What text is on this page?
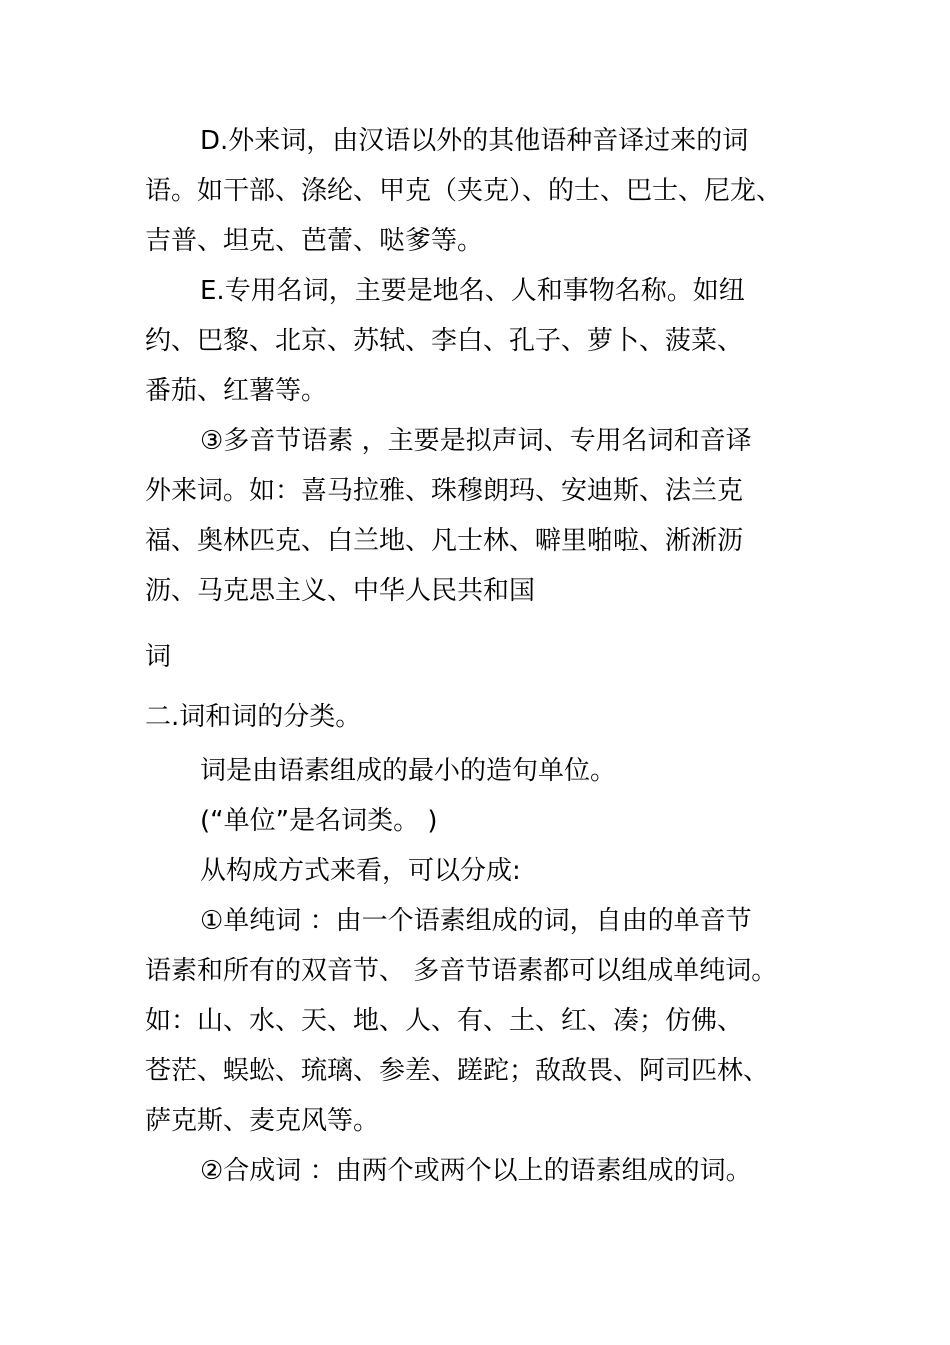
D.外来词，由汉语以外的其他语种音译过来的词
语。如干部、涤纶、甲克（夹克）、的士、巴士、尼龙、
吉普、坦克、芭蕾、哒爹等。
E.专用名词，主要是地名、人和事物名称。如纽
约、巴黎、北京、苏轼、李白、孔子、萝卜、菠菜、
番茄、红薯等。
③多音节语素 ，主要是拟声词、专用名词和音译
外来词。如：喜马拉雅、珠穆朗玛、安迪斯、法兰克
福、奥林匹克、白兰地、凡士林、噼里啪啦、淅淅沥
沥、马克思主义、中华人民共和国
词
二.词和词的分类。
词是由语素组成的最小的造句单位。
(“单位”是名词类。 )
从构成方式来看，可以分成:
①单纯词 ：由一个语素组成的词，自由的单音节
语素和所有的双音节、 多音节语素都可以组成单纯词。
如：山、水、天、地、人、有、土、红、凑；仿佛、
苍茫、蜈蚣、琉璃、参差、蹉跎；敌敌畏、阿司匹林、
萨克斯、麦克风等。
②合成词 ：由两个或两个以上的语素组成的词。
